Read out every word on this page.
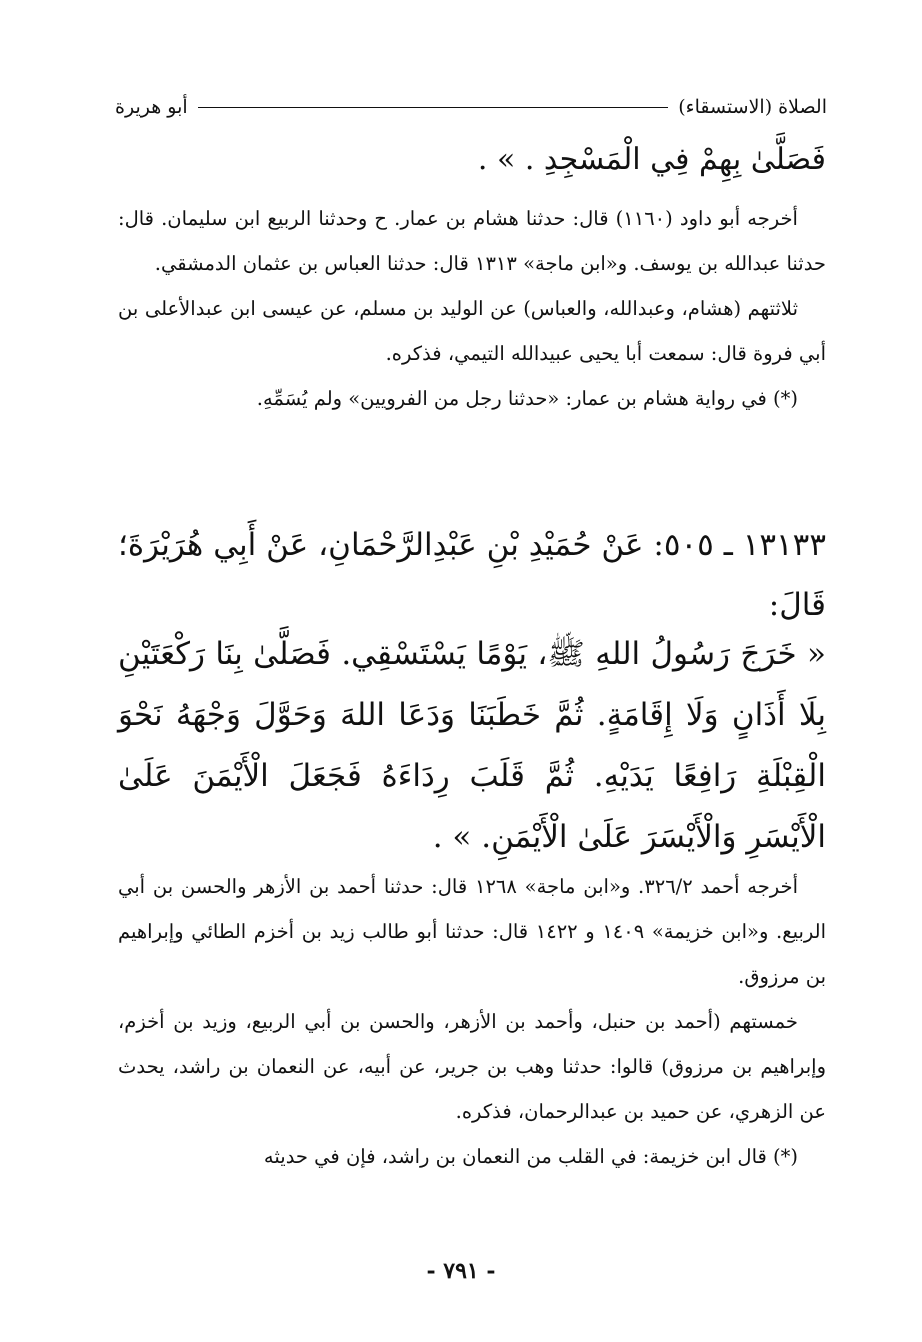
الصلاة (الاستسقاء)
أبو هريرة
فَصَلَّىٰ بِهِمْ فِي الْمَسْجِدِ . » .

أخرجه أبو داود (١١٦٠) قال: حدثنا هشام بن عمار. ح وحدثنا الربيع ابن سليمان. قال: حدثنا عبدالله بن يوسف. و«ابن ماجة» ١٣١٣ قال: حدثنا العباس بن عثمان الدمشقي.

ثلاثتهم (هشام، وعبدالله، والعباس) عن الوليد بن مسلم، عن عيسى ابن عبدالأعلى بن أبي فروة قال: سمعت أبا يحيى عبيدالله التيمي، فذكره.

(*) في رواية هشام بن عمار: «حدثنا رجل من الفرويين» ولم يُسَمِّهِ.

١٣١٣٣ ـ ٥٠٥: عَنْ حُمَيْدِ بْنِ عَبْدِالرَّحْمَانِ، عَنْ أَبِي هُرَيْرَةَ؛ قَالَ:
« خَرَجَ رَسُولُ اللهِ ﷺ، يَوْمًا يَسْتَسْقِي. فَصَلَّىٰ بِنَا رَكْعَتَيْنِ بِلَا أَذَانٍ وَلَا إِقَامَةٍ. ثُمَّ خَطَبَنَا وَدَعَا اللهَ وَحَوَّلَ وَجْهَهُ نَحْوَ الْقِبْلَةِ رَافِعًا يَدَيْهِ. ثُمَّ قَلَبَ رِدَاءَهُ فَجَعَلَ الْأَيْمَنَ عَلَىٰ الْأَيْسَرِ وَالْأَيْسَرَ عَلَىٰ الْأَيْمَنِ. » .

أخرجه أحمد ٣٢٦/٢. و«ابن ماجة» ١٢٦٨ قال: حدثنا أحمد بن الأزهر والحسن بن أبي الربيع. و«ابن خزيمة» ١٤٠٩ و ١٤٢٢ قال: حدثنا أبو طالب زيد بن أخزم الطائي وإبراهيم بن مرزوق.

خمستهم (أحمد بن حنبل، وأحمد بن الأزهر، والحسن بن أبي الربيع، وزيد بن أخزم، وإبراهيم بن مرزوق) قالوا: حدثنا وهب بن جرير، عن أبيه، عن النعمان بن راشد، يحدث عن الزهري، عن حميد بن عبدالرحمان، فذكره.

(*) قال ابن خزيمة: في القلب من النعمان بن راشد، فإن في حديثه

- ٧٩١ -
